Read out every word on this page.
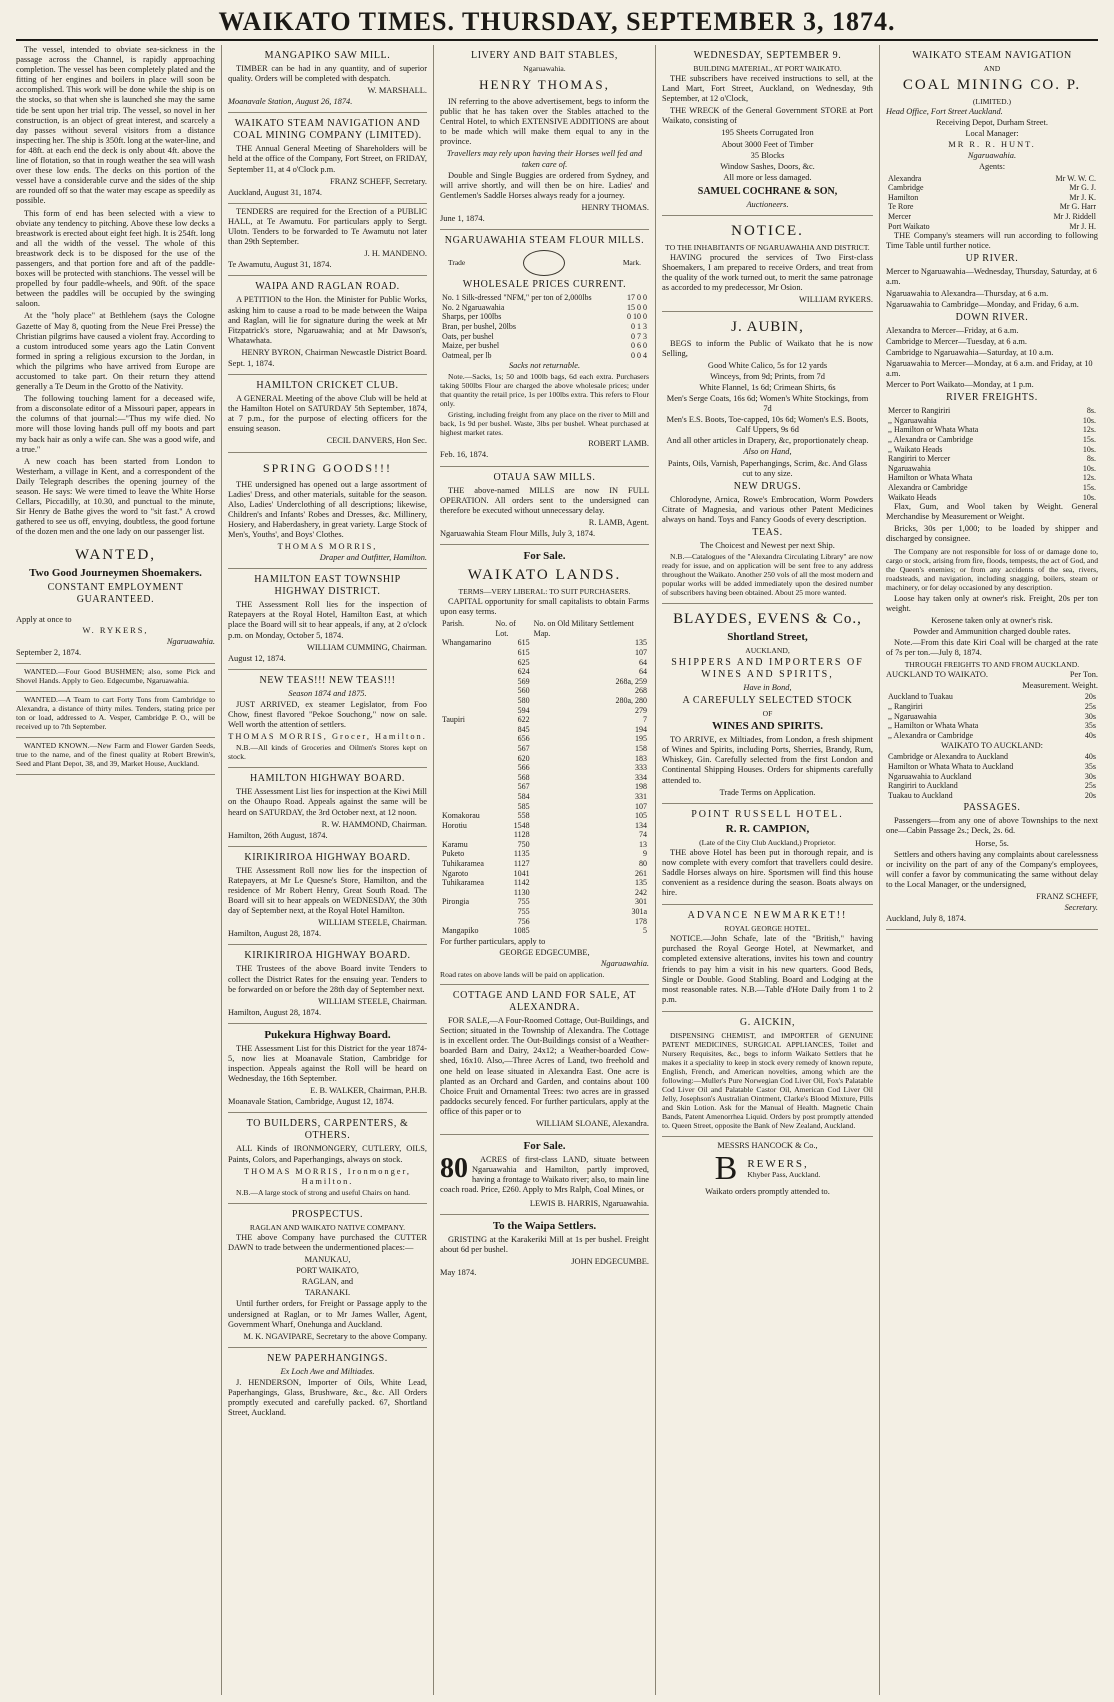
WAIKATO TIMES. THURSDAY, SEPTEMBER 3, 1874.

The vessel, intended to obviate sea-sickness in the passage across the Channel, is rapidly approaching completion. The vessel has been completely plated and the fitting of her engines and boilers in place will soon be accomplished. This work will be done while the ship is on the stocks, so that when she is launched she may the same tide be sent upon her trial trip. The vessel, so novel in her construction, is an object of great interest, and scarcely a day passes without several visitors from a distance inspecting her. The ship is 350ft. long at the water-line, and for 48ft. at each end the deck is only about 4ft. above the line of flotation, so that in rough weather the sea will wash over these low ends. The decks on this portion of the vessel have a considerable curve and the sides of the ship are rounded off so that the water may escape as speedily as possible.

This form of end has been selected with a view to obviate any tendency to pitching. Above these low decks a breastwork is erected about eight feet high. It is 254ft. long and all the width of the vessel. The whole of this breastwork deck is to be disposed for the use of the passengers, and that portion fore and aft of the paddle-boxes will be protected with stanchions. The vessel will be propelled by four paddle-wheels, and 90ft. of the space between the paddles will be occupied by the swinging saloon.

At the "holy place" at Bethlehem (says the Cologne Gazette of May 8, quoting from the Neue Frei Presse) the Christian pilgrims have caused a violent fray. According to a custom introduced some years ago the Latin Convent formed in spring a religious excursion to the Jordan, in which the pilgrims who have arrived from Europe are accustomed to take part. On their return they attend generally a Te Deum in the Grotto of the Nativity.

The following touching lament for a deceased wife, from a disconsolate editor of a Missouri paper, appears in the columns of that journal:—"Thus my wife died. No more will those loving hands pull off my boots and part my back hair as only a wife can. She was a good wife, and a true."

A new coach has been started from London to Westerham, a village in Kent, and a correspondent of the Daily Telegraph describes the opening journey of the season. He says: We were timed to leave the White Horse Cellars, Piccadilly, at 10.30, and punctual to the minute, Sir Henry de Bathe gives the word to "sit fast." A crowd gathered to see us off, envying, doubtless, the good fortune of the dozen men and the one lady on our passenger list.

WANTED,
Two Good Journeymen Shoemakers.
CONSTANT EMPLOYMENT GUARANTEED.
Apply at once to
W. RYKERS,
Ngaruawahia.
September 2, 1874.

WANTED.—Four Good BUSHMEN; also, some Pick and Shovel Hands. Apply to Geo. Edgecumbe, Ngaruawahia.

WANTED.—A Team to cart Forty Tons from Cambridge to Alexandra, a distance of thirty miles. Tenders, stating price per ton or load, addressed to A. Vesper, Cambridge P. O., will be received up to 7th September.

WANTED KNOWN.—New Farm and Flower Garden Seeds, true to the name, and of the finest quality at Robert Brewin's, Seed and Plant Depot, 38, and 39, Market House, Auckland.

MANGAPIKO SAW MILL.

TIMBER can be had in any quantity, and of superior quality. Orders will be completed with despatch.

W. MARSHALL.
Moanavale Station, August 26, 1874.
WAIKATO STEAM NAVIGATION AND COAL MINING COMPANY (LIMITED).

THE Annual General Meeting of Shareholders will be held at the office of the Company, Fort Street, on FRIDAY, September 11, at 4 o'Clock p.m.

FRANZ SCHEFF, Secretary.
Auckland, August 31, 1874.

TENDERS are required for the Erection of a PUBLIC HALL, at Te Awamutu. For particulars apply to Sergt. Ulotn. Tenders to be forwarded to Te Awamutu not later than 29th September.

J. H. MANDENO.
Te Awamutu, August 31, 1874.
WAIPA AND RAGLAN ROAD.

A PETITION to the Hon. the Minister for Public Works, asking him to cause a road to be made between the Waipa and Raglan, will lie for signature during the week at Mr Fitzpatrick's store, Ngaruawahia; and at Mr Dawson's, Whatawhata.

HENRY BYRON, Chairman Newcastle District Board.
Sept. 1, 1874.
HAMILTON CRICKET CLUB.

A GENERAL Meeting of the above Club will be held at the Hamilton Hotel on SATURDAY 5th September, 1874, at 7 p.m., for the purpose of electing officers for the ensuing season.

CECIL DANVERS, Hon Sec.
SPRING GOODS!!!

THE undersigned has opened out a large assortment of Ladies' Dress, and other materials, suitable for the season. Also, Ladies' Underclothing of all descriptions; likewise, Children's and Infants' Robes and Dresses, &c. Millinery, Hosiery, and Haberdashery, in great variety. Large Stock of Men's, Youths', and Boys' Clothes.

THOMAS MORRIS,
Draper and Outfitter, Hamilton.
HAMILTON EAST TOWNSHIP HIGHWAY DISTRICT.

THE Assessment Roll lies for the inspection of Ratepayers at the Royal Hotel, Hamilton East, at which place the Board will sit to hear appeals, if any, at 2 o'clock p.m. on Monday, October 5, 1874.

WILLIAM CUMMING, Chairman.
August 12, 1874.
NEW TEAS!!! NEW TEAS!!!
Season 1874 and 1875.

JUST ARRIVED, ex steamer Legislator, from Foo Chow, finest flavored "Pekoe Souchong," now on sale. Well worth the attention of settlers.

THOMAS MORRIS, Grocer, Hamilton.

N.B.—All kinds of Groceries and Oilmen's Stores kept on stock.

HAMILTON HIGHWAY BOARD.

THE Assessment List lies for inspection at the Kiwi Mill on the Ohaupo Road. Appeals against the same will be heard on SATURDAY, the 3rd October next, at 12 noon.

R. W. HAMMOND, Chairman.
Hamilton, 26th August, 1874.
KIRIKIRIROA HIGHWAY BOARD.

THE Assessment Roll now lies for the inspection of Ratepayers, at Mr Le Quesne's Store, Hamilton, and the residence of Mr Robert Henry, Great South Road. The Board will sit to hear appeals on WEDNESDAY, the 30th day of September next, at the Royal Hotel Hamilton.

WILLIAM STEELE, Chairman.
Hamilton, August 28, 1874.
KIRIKIRIROA HIGHWAY BOARD.

THE Trustees of the above Board invite Tenders to collect the District Rates for the ensuing year. Tenders to be forwarded on or before the 28th day of September next.

WILLIAM STEELE, Chairman.
Hamilton, August 28, 1874.
Pukekura Highway Board.

THE Assessment List for this District for the year 1874-5, now lies at Moanavale Station, Cambridge for inspection. Appeals against the Roll will be heard on Wednesday, the 16th September.

E. B. WALKER, Chairman, P.H.B.
Moanavale Station, Cambridge, August 12, 1874.
TO BUILDERS, CARPENTERS, & OTHERS.

ALL Kinds of IRONMONGERY, CUTLERY, OILS, Paints, Colors, and Paperhangings, always on stock.

THOMAS MORRIS, Ironmonger, Hamilton.

N.B.—A large stock of strong and useful Chairs on hand.

PROSPECTUS.
RAGLAN AND WAIKATO NATIVE COMPANY.

THE above Company have purchased the CUTTER DAWN to trade between the undermentioned places:—

MANUKAU,
PORT WAIKATO,
RAGLAN, and
TARANAKI.

Until further orders, for Freight or Passage apply to the undersigned at Raglan, or to Mr James Waller, Agent, Government Wharf, Onehunga and Auckland.

M. K. NGAVIPARE, Secretary to the above Company.
NEW PAPERHANGINGS.
Ex Loch Awe and Miltiades.

J. HENDERSON, Importer of Oils, White Lead, Paperhangings, Glass, Brushware, &c., &c. All Orders promptly executed and carefully packed. 67, Shortland Street, Auckland.

LIVERY AND BAIT STABLES,
Ngaruawahia.
HENRY THOMAS,

IN referring to the above advertisement, begs to inform the public that he has taken over the Stables attached to the Central Hotel, to which EXTENSIVE ADDITIONS are about to be made which will make them equal to any in the province.

Travellers may rely upon having their Horses well fed and taken care of.

Double and Single Buggies are ordered from Sydney, and will arrive shortly, and will then be on hire. Ladies' and Gentlemen's Saddle Horses always ready for a journey.

HENRY THOMAS.
June 1, 1874.
NGARUAWAHIA STEAM FLOUR MILLS.
Trade	Mark.
WHOLESALE PRICES CURRENT.
No. 1 Silk-dressed "NFM," per ton of 2,000lbs	17 0 0
No. 2 Ngaruawahia	15 0 0
Sharps, per 100lbs	0 10 0
Bran, per bushel, 20lbs	0 1 3
Oats, per bushel	0 7 3
Maize, per bushel	0 6 0
Oatmeal, per lb	0 0 4
Sacks not returnable.

Note.—Sacks, 1s; 50 and 100lb bags, 6d each extra. Purchasers taking 500lbs Flour are charged the above wholesale prices; under that quantity the retail price, 1s per 100lbs extra. This refers to Flour only.

Gristing, including freight from any place on the river to Mill and back, 1s 9d per bushel. Waste, 3lbs per bushel. Wheat purchased at highest market rates.

ROBERT LAMB.
Feb. 16, 1874.
OTAUA SAW MILLS.

THE above-named MILLS are now IN FULL OPERATION. All orders sent to the undersigned can therefore be executed without unnecessary delay.

R. LAMB, Agent.
Ngaruawahia Steam Flour Mills, July 3, 1874.
For Sale.
WAIKATO LANDS.
TERMS—VERY LIBERAL: TO SUIT PURCHASERS.

CAPITAL opportunity for small capitalists to obtain Farms upon easy terms.

Parish.	No. of Lot.	No. on Old Military Settlement Map.
Whangamarino	615	135
	615	107
	625	64
	624	64
	569	268a, 259
	560	268
	580	280a, 280
	594	279
Taupiri	622	7
	845	194
	656	195
	567	158
	620	183
	566	333
	568	334
	567	198
	584	331
	585	107
Komakorau	558	105
Horotiu	1548	134
	1128	74
Karamu	750	13
Puketo	1135	9
Tuhikaramea	1127	80
Ngaroto	1041	261
Tuhikaramea	1142	135
	1130	242
Pirongia	755	301
	755	301a
	756	178
Mangapiko	1085	5
For further particulars, apply to
GEORGE EDGECUMBE,
Ngaruawahia.
Road rates on above lands will be paid on application.
COTTAGE AND LAND FOR SALE, AT ALEXANDRA.

FOR SALE,—A Four-Roomed Cottage, Out-Buildings, and Section; situated in the Township of Alexandra. The Cottage is in excellent order. The Out-Buildings consist of a Weather-boarded Barn and Dairy, 24x12; a Weather-boarded Cow-shed, 16x10. Also,—Three Acres of Land, two freehold and one held on lease situated in Alexandra East. One acre is planted as an Orchard and Garden, and contains about 100 Choice Fruit and Ornamental Trees: two acres are in grassed paddocks securely fenced. For further particulars, apply at the office of this paper or to

WILLIAM SLOANE, Alexandra.
For Sale.
80	ACRES of first-class LAND, situate between Ngaruawahia and Hamilton, partly improved, having a frontage to Waikato river; also, to main line coach road. Price, £260. Apply to Mrs Ralph, Coal Mines, or

LEWIS B. HARRIS, Ngaruawahia.
To the Waipa Settlers.

GRISTING at the Karakeriki Mill at 1s per bushel. Freight about 6d per bushel.

JOHN EDGECUMBE.
May 1874.
WEDNESDAY, SEPTEMBER 9.
BUILDING MATERIAL, AT PORT WAIKATO.

THE subscribers have received instructions to sell, at the Land Mart, Fort Street, Auckland, on Wednesday, 9th September, at 12 o'Clock,

THE WRECK of the General Government STORE at Port Waikato, consisting of

195 Sheets Corrugated Iron
About 3000 Feet of Timber
35 Blocks
Window Sashes, Doors, &c.
All more or less damaged.
SAMUEL COCHRANE & SON,
Auctioneers.
NOTICE.
TO THE INHABITANTS OF NGARUAWAHIA AND DISTRICT.

HAVING procured the services of Two First-class Shoemakers, I am prepared to receive Orders, and treat from the quality of the work turned out, to merit the same patronage as accorded to my predecessor, Mr Osion.

WILLIAM RYKERS.
J. AUBIN,

BEGS to inform the Public of Waikato that he is now Selling,

Good White Calico, 5s for 12 yards
Winceys, from 9d; Prints, from 7d
White Flannel, 1s 6d; Crimean Shirts, 6s
Men's Serge Coats, 16s 6d; Women's White Stockings, from 7d
Men's E.S. Boots, Toe-capped, 10s 6d; Women's E.S. Boots, Calf Uppers, 9s 6d
And all other articles in Drapery, &c, proportionately cheap.
Also on Hand,
Paints, Oils, Varnish, Paperhangings, Scrim, &c. And Glass cut to any size.
NEW DRUGS.

Chlorodyne, Arnica, Rowe's Embrocation, Worm Powders Citrate of Magnesia, and various other Patent Medicines always on hand. Toys and Fancy Goods of every description.

TEAS.
The Choicest and Newest per next Ship.

N.B.—Catalogues of the "Alexandra Circulating Library" are now ready for issue, and on application will be sent free to any address throughout the Waikato. Another 250 vols of all the most modern and popular works will be added immediately upon the desired number of subscribers having been obtained. About 25 more wanted.

BLAYDES, EVENS & Co.,
Shortland Street,
AUCKLAND,
SHIPPERS AND IMPORTERS OF WINES AND SPIRITS,
Have in Bond,
A CAREFULLY SELECTED STOCK
OF
WINES AND SPIRITS.

TO ARRIVE, ex Miltiades, from London, a fresh shipment of Wines and Spirits, including Ports, Sherries, Brandy, Rum, Whiskey, Gin. Carefully selected from the first London and Continental Shipping Houses. Orders for shipments carefully attended to.

Trade Terms on Application.
POINT RUSSELL HOTEL.
R. R. CAMPION,
(Late of the City Club Auckland,) Proprietor.

THE above Hotel has been put in thorough repair, and is now complete with every comfort that travellers could desire. Saddle Horses always on hire. Sportsmen will find this house convenient as a residence during the season. Boats always on hire.

ADVANCE NEWMARKET!!
ROYAL GEORGE HOTEL.

NOTICE.—John Schafe, late of the "British," having purchased the Royal George Hotel, at Newmarket, and completed extensive alterations, invites his town and country friends to pay him a visit in his new quarters. Good Beds, Single or Double. Good Stabling. Board and Lodging at the most reasonable rates. N.B.—Table d'Hote Daily from 1 to 2 p.m.

G. AICKIN,

DISPENSING CHEMIST, and IMPORTER of GENUINE PATENT MEDICINES, SURGICAL APPLIANCES, Toilet and Nursery Requisites, &c., begs to inform Waikato Settlers that he makes it a speciality to keep in stock every remedy of known repute, English, French, and American novelties, among which are the following:—Muller's Pure Norwegian Cod Liver Oil, Fox's Palatable Cod Liver Oil and Palatable Castor Oil, American Cod Liver Oil Jelly, Josephson's Australian Ointment, Clarke's Blood Mixture, Pills and Skin Lotion. Ask for the Manual of Health. Magnetic Chain Bands, Patent Amenorrhea Liquid. Orders by post promptly attended to. Queen Street, opposite the Bank of New Zealand, Auckland.

MESSRS HANCOCK & Co.,
B REWERS,
Khyber Pass, Auckland.
Waikato orders promptly attended to.
WAIKATO STEAM NAVIGATION
AND
COAL MINING CO. P.
(LIMITED.)
Head Office, Fort Street Auckland.
Receiving Depot, Durham Street.
Local Manager:
MR R. R. HUNT.
Ngaruawahia.
Agents:
Alexandra	Mr W. W. C.
Cambridge	Mr G. J.
Hamilton	Mr J. K.
Te Rore	Mr G. Harr
Mercer	Mr J. Riddell
Port Waikato	Mr J. H.

THE Company's steamers will run according to following Time Table until further notice.

UP RIVER.
Mercer to Ngaruawahia—Wednesday, Thursday, Saturday, at 6 a.m.
Ngaruawahia to Alexandra—Thursday, at 6 a.m.
Ngaruawahia to Cambridge—Monday, and Friday, 6 a.m.
DOWN RIVER.
Alexandra to Mercer—Friday, at 6 a.m.
Cambridge to Mercer—Tuesday, at 6 a.m.
Cambridge to Ngaruawahia—Saturday, at 10 a.m.
Ngaruawahia to Mercer—Monday, at 6 a.m. and Friday, at 10 a.m.
Mercer to Port Waikato—Monday, at 1 p.m.
RIVER FREIGHTS.
Mercer to Rangiriri	8s.
,, Ngaruawahia	10s.
,, Hamilton or Whata Whata	12s.
,, Alexandra or Cambridge	15s.
,, Waikato Heads	10s.
Rangiriri to Mercer	8s.
Ngaruawahia	10s.
Hamilton or Whata Whata	12s.
Alexandra or Cambridge	15s.
Waikato Heads	10s.

Flax, Gum, and Wool taken by Weight. General Merchandise by Measurement or Weight.

Bricks, 30s per 1,000; to be loaded by shipper and discharged by consignee.

The Company are not responsible for loss of or damage done to, cargo or stock, arising from fire, floods, tempests, the act of God, and the Queen's enemies; or from any accidents of the sea, rivers, roadsteads, and navigation, including snagging, boilers, steam or machinery, or for delay occasioned by any description.

Loose hay taken only at owner's risk. Freight, 20s per ton weight.

Kerosene taken only at owner's risk.
Powder and Ammunition charged double rates.

Note.—From this date Kiri Coal will be charged at the rate of 7s per ton.—July 8, 1874.

THROUGH FREIGHTS TO AND FROM AUCKLAND.
AUCKLAND TO WAIKATO.	Per Ton.
Measurement. Weight.
Auckland to Tuakau	20s
,, Rangiriri	25s
,, Ngaruawahia	30s
,, Hamilton or Whata Whata	35s
,, Alexandra or Cambridge	40s
WAIKATO TO AUCKLAND:
Cambridge or Alexandra to Auckland	40s
Hamilton or Whata Whata to Auckland	35s
Ngaruawahia to Auckland	30s
Rangiriri to Auckland	25s
Tuakau to Auckland	20s
PASSAGES.

Passengers—from any one of above Townships to the next one—Cabin Passage 2s.; Deck, 2s. 6d.

Horse, 5s.

Settlers and others having any complaints about carelessness or incivility on the part of any of the Company's employees, will confer a favor by communicating the same without delay to the Local Manager, or the undersigned,

FRANZ SCHEFF,
Secretary.
Auckland, July 8, 1874.
